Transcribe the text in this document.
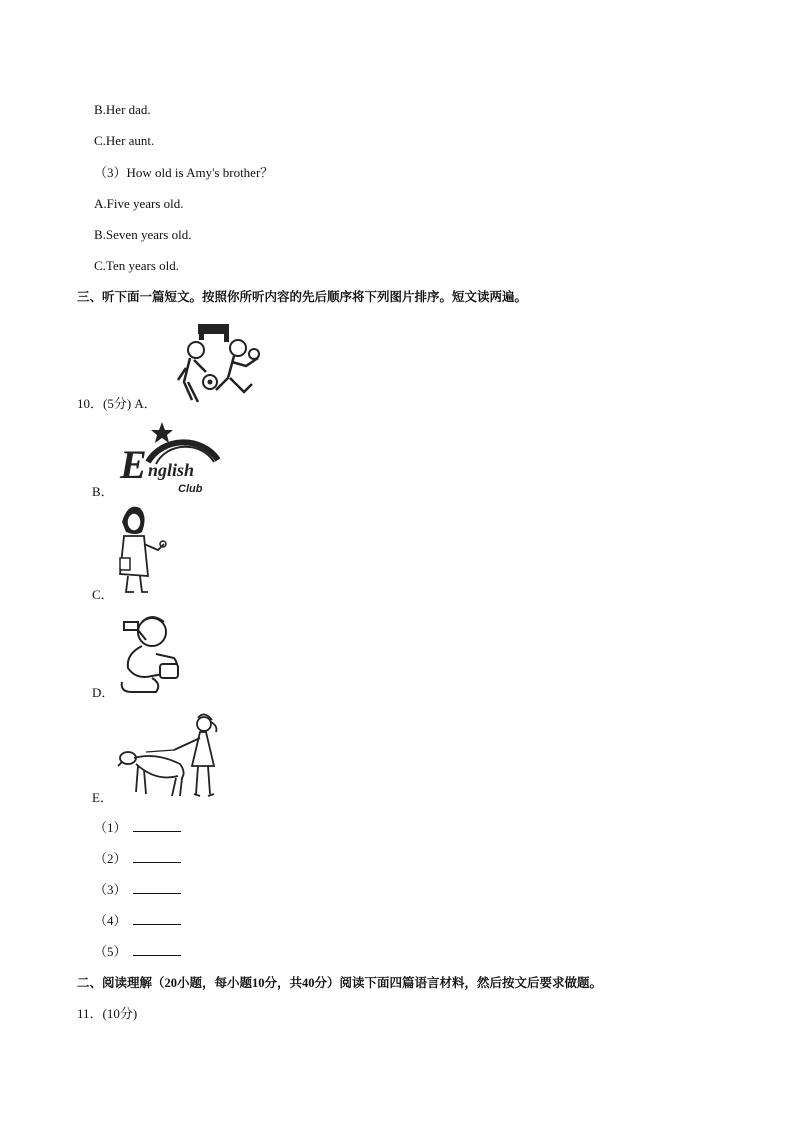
B.Her dad.
C.Her aunt.
（3）How old is Amy's brother？
A.Five years old.
B.Seven years old.
C.Ten years old.
三、听下面一篇短文。按照你所听内容的先后顺序将下列图片排序。短文读两遍。
10．(5分) A．
B．
E nglish
Club
C．
D．
E．
（1）
（2）
（3）
（4）
（5）
二、阅读理解（20小题，每小题10分，共40分）阅读下面四篇语言材料，然后按文后要求做题。
11．(10分)
